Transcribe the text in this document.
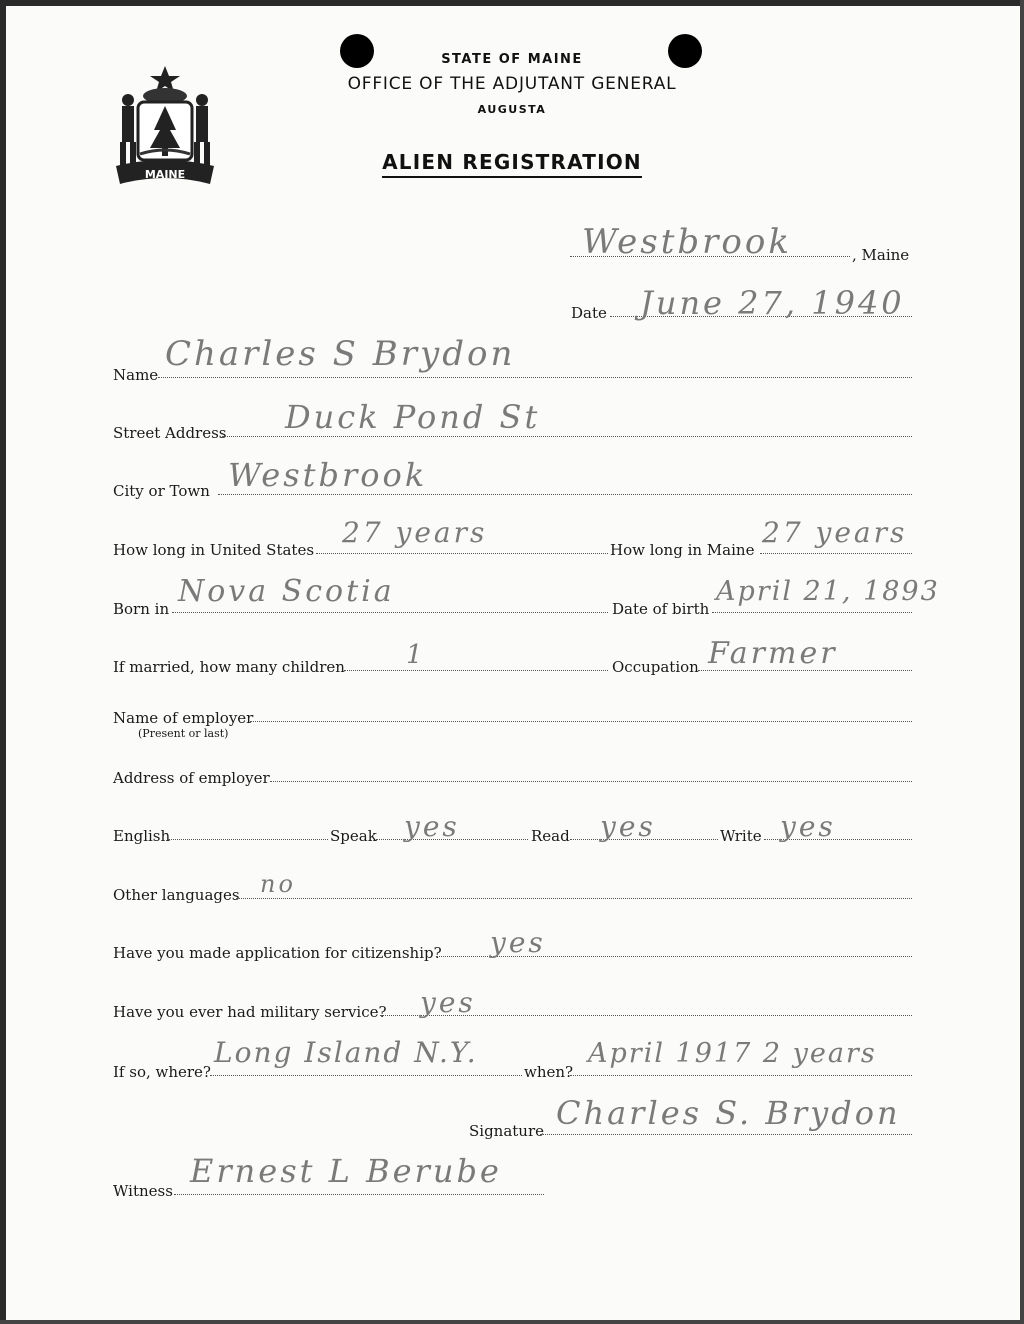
MAINE
STATE OF MAINE
OFFICE OF THE ADJUTANT GENERAL
AUGUSTA
ALIEN REGISTRATION
Westbrook	, Maine
Date June 27, 1940
Name
Charles S Brydon
Street Address Duck Pond St
City or Town Westbrook
How long in United States
27 years
How long in Maine
27 years
Born in Nova Scotia	Date of birth
April 21, 1893
If married, how many children 1	Occupation Farmer
Name of employer
(Present or last)
Address of employer
English	Speak yes	Read yes	Write yes
Other languages no
Have you made application for citizenship? yes
Have you ever had military service? yes
If so, where?
Long Island N.Y.
when?
April 1917 2 years
Signature Charles S. Brydon
Witness
Ernest L Berube
